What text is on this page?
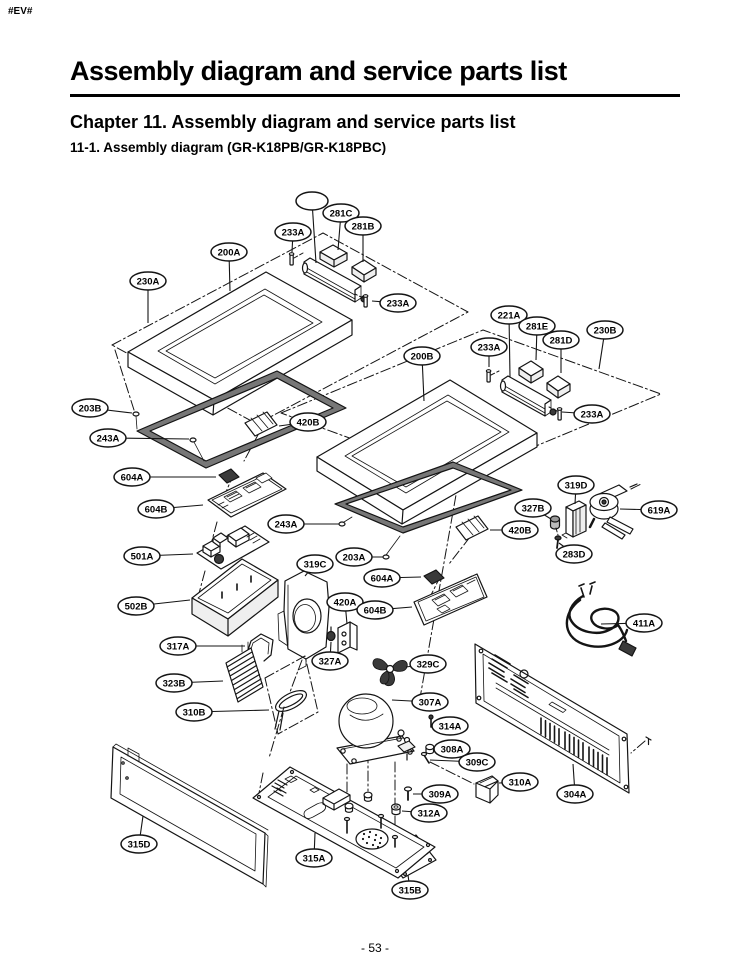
#EV#
Assembly diagram and service parts list
Chapter 11. Assembly diagram and service parts list
11-1. Assembly diagram (GR-K18PB/GR-K18PBC)
281C
281B
233A
200A
230A
233A
221A
281E	230B
281D
233A
200B
203B
420B
233A
243A
604A
319D
604B	327B	619A
243A
420B
283D
501A	203A
319C
604A
420A
502B	604B
411A
317A
327A	329C
323B
307A
310B
314A
308A
309C
310A
304A
309A
312A
315D
315A
315B
- 53 -
